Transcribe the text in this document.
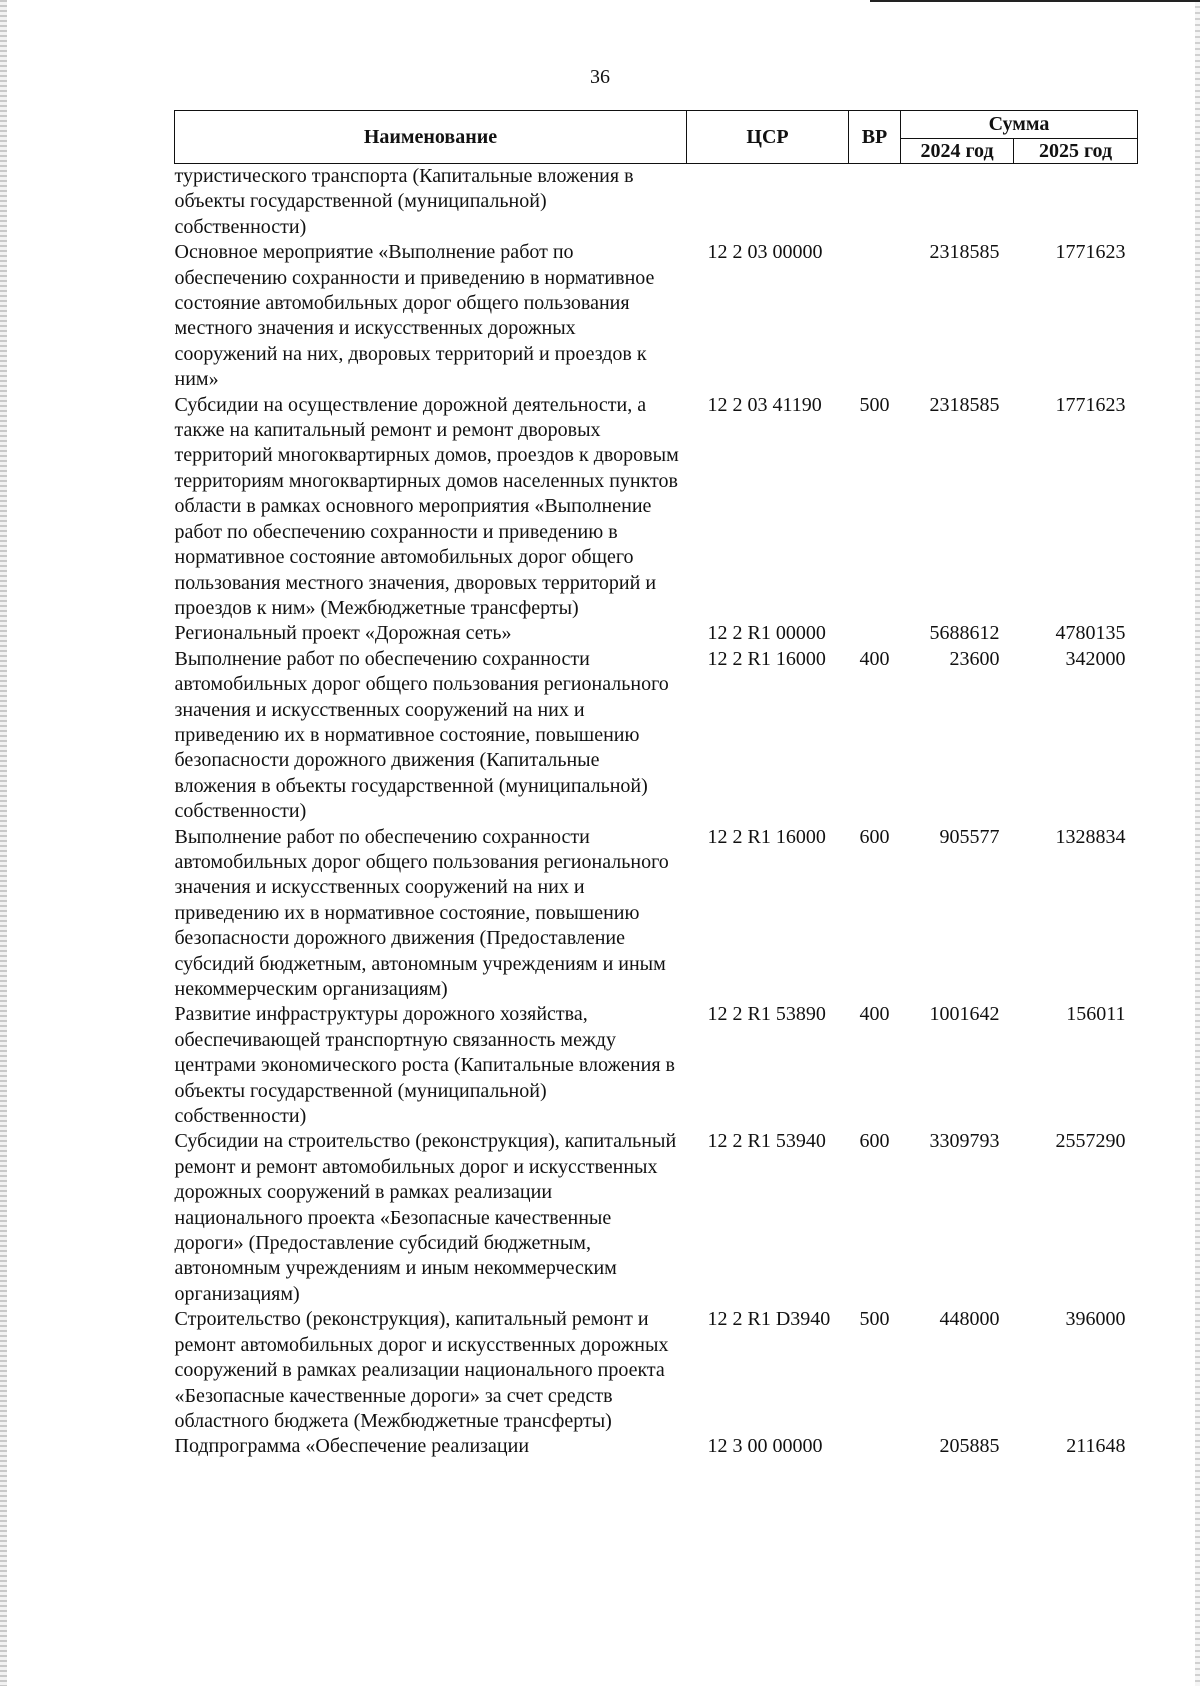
36
Наименование	ЦСР	ВР	Сумма	
			2024 год	2025 год
туристического транспорта (Капитальные вложения в объекты государственной (муниципальной) собственности)				
Основное мероприятие «Выполнение работ по обеспечению сохранности и приведению в нормативное состояние автомобильных дорог общего пользования местного значения и искусственных дорожных сооружений на них, дворовых территорий и проездов к ним»	12 2 03 00000		2318585	1771623
Субсидии на осуществление дорожной деятельности, а также на капитальный ремонт и ремонт дворовых территорий многоквартирных домов, проездов к дворовым территориям многоквартирных домов населенных пунктов области в рамках основного мероприятия «Выполнение работ по обеспечению сохранности и приведению в нормативное состояние автомобильных дорог общего пользования местного значения, дворовых территорий и проездов к ним» (Межбюджетные трансферты)	12 2 03 41190	500	2318585	1771623
Региональный проект «Дорожная сеть»	12 2 R1 00000		5688612	4780135
Выполнение работ по обеспечению сохранности автомобильных дорог общего пользования регионального значения и искусственных сооружений на них и приведению их в нормативное состояние, повышению безопасности дорожного движения (Капитальные вложения в объекты государственной (муниципальной) собственности)	12 2 R1 16000	400	23600	342000
Выполнение работ по обеспечению сохранности автомобильных дорог общего пользования регионального значения и искусственных сооружений на них и приведению их в нормативное состояние, повышению безопасности дорожного движения (Предоставление субсидий бюджетным, автономным учреждениям и иным некоммерческим организациям)	12 2 R1 16000	600	905577	1328834
Развитие инфраструктуры дорожного хозяйства, обеспечивающей транспортную связанность между центрами экономического роста (Капитальные вложения в объекты государственной (муниципальной) собственности)	12 2 R1 53890	400	1001642	156011
Субсидии на строительство (реконструкция), капитальный ремонт и ремонт автомобильных дорог и искусственных дорожных сооружений в рамках реализации национального проекта «Безопасные качественные дороги» (Предоставление субсидий бюджетным, автономным учреждениям и иным некоммерческим организациям)	12 2 R1 53940	600	3309793	2557290
Строительство (реконструкция), капитальный ремонт и ремонт автомобильных дорог и искусственных дорожных сооружений в рамках реализации национального проекта «Безопасные качественные дороги» за счет средств областного бюджета (Межбюджетные трансферты)	12 2 R1 D3940	500	448000	396000
Подпрограмма «Обеспечение реализации	12 3 00 00000		205885	211648
